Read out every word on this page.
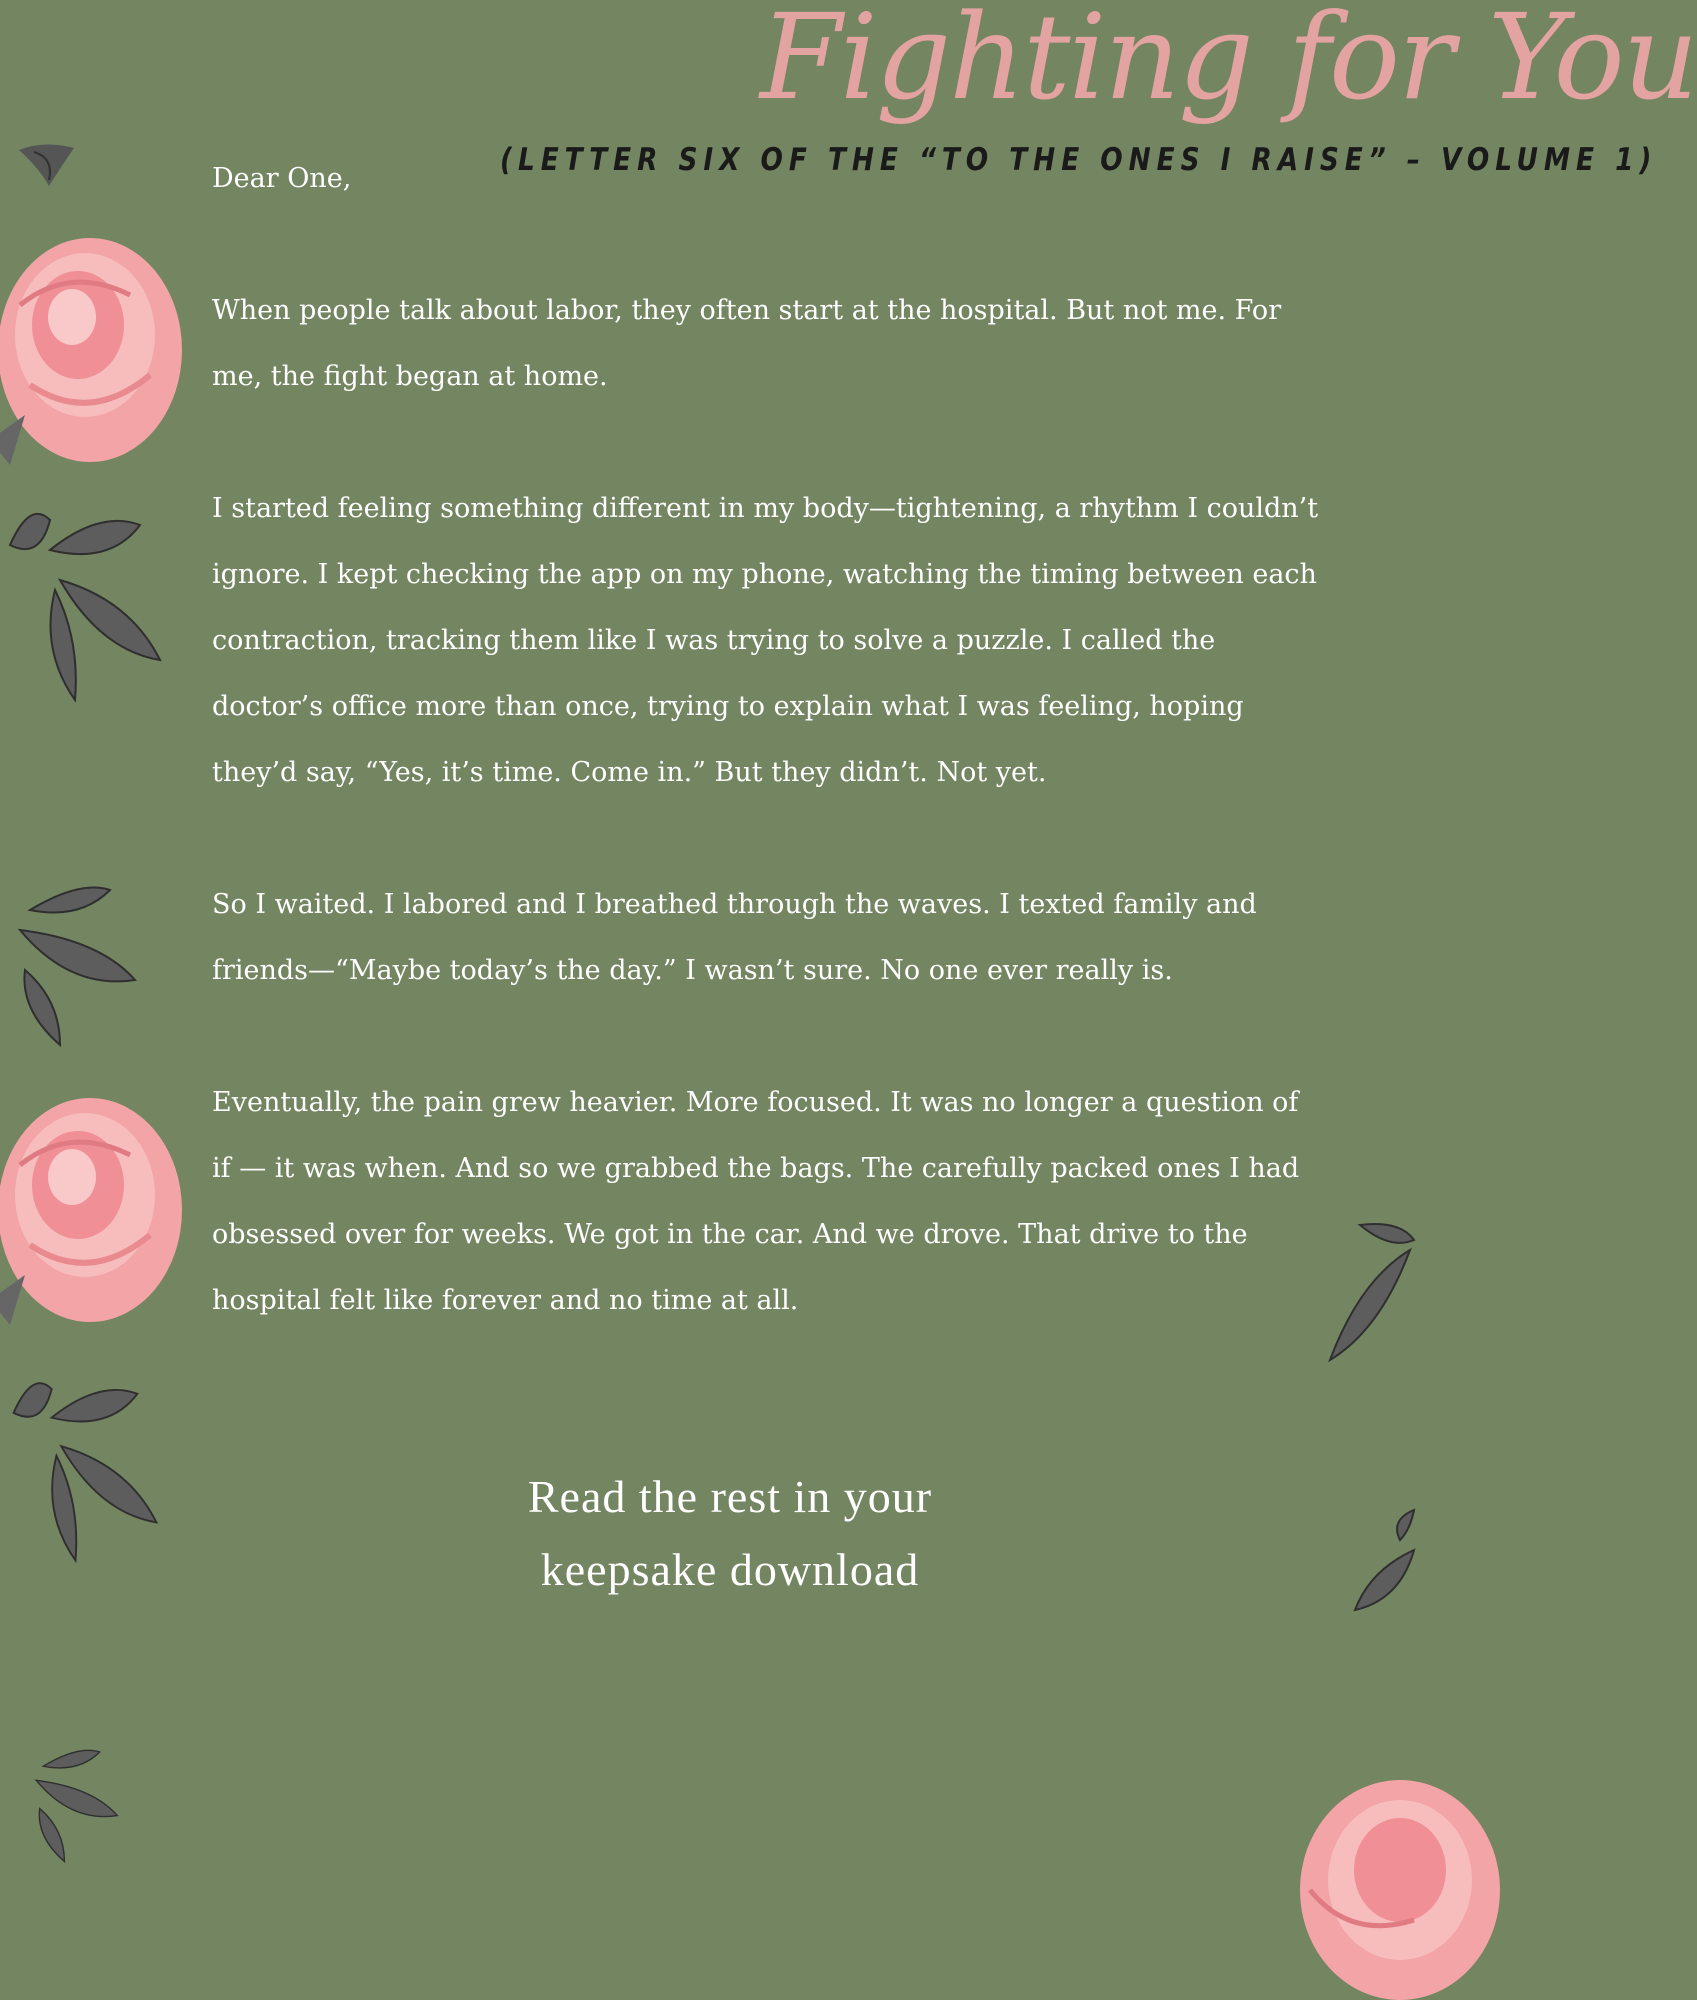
Fighting for You
(LETTER SIX OF THE “TO THE ONES I RAISE” – VOLUME 1)

Dear One,

When people talk about labor, they often start at the hospital. But not me. For me, the fight began at home.

I started feeling something different in my body—tightening, a rhythm I couldn’t ignore. I kept checking the app on my phone, watching the timing between each contraction, tracking them like I was trying to solve a puzzle. I called the doctor’s office more than once, trying to explain what I was feeling, hoping they’d say, “Yes, it’s time. Come in.” But they didn’t. Not yet.

So I waited. I labored and I breathed through the waves. I texted family and friends—“Maybe today’s the day.” I wasn’t sure. No one ever really is.

Eventually, the pain grew heavier. More focused. It was no longer a question of if — it was when. And so we grabbed the bags. The carefully packed ones I had obsessed over for weeks. We got in the car. And we drove. That drive to the hospital felt like forever and no time at all.

Read the rest in your
keepsake download
